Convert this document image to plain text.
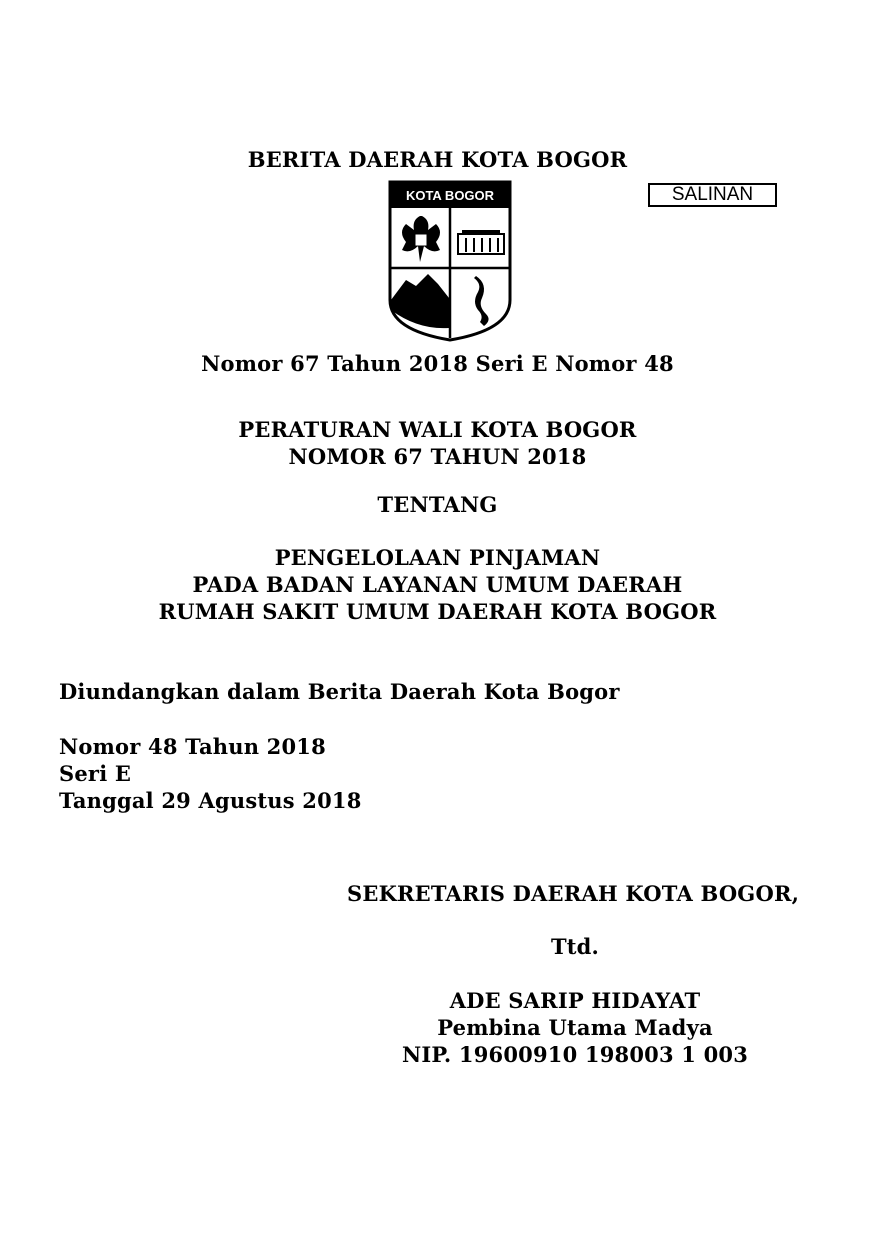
BERITA DAERAH KOTA BOGOR
SALINAN
KOTA BOGOR
Nomor 67 Tahun 2018 Seri E Nomor 48
PERATURAN WALI KOTA BOGOR
NOMOR 67 TAHUN 2018
TENTANG
PENGELOLAAN PINJAMAN
PADA BADAN LAYANAN UMUM DAERAH
RUMAH SAKIT UMUM DAERAH KOTA BOGOR
Diundangkan dalam Berita Daerah Kota Bogor
Nomor 48 Tahun 2018
Seri E
Tanggal 29 Agustus 2018
SEKRETARIS DAERAH KOTA BOGOR,
Ttd.
ADE SARIP HIDAYAT
Pembina Utama Madya
NIP. 19600910 198003 1 003
